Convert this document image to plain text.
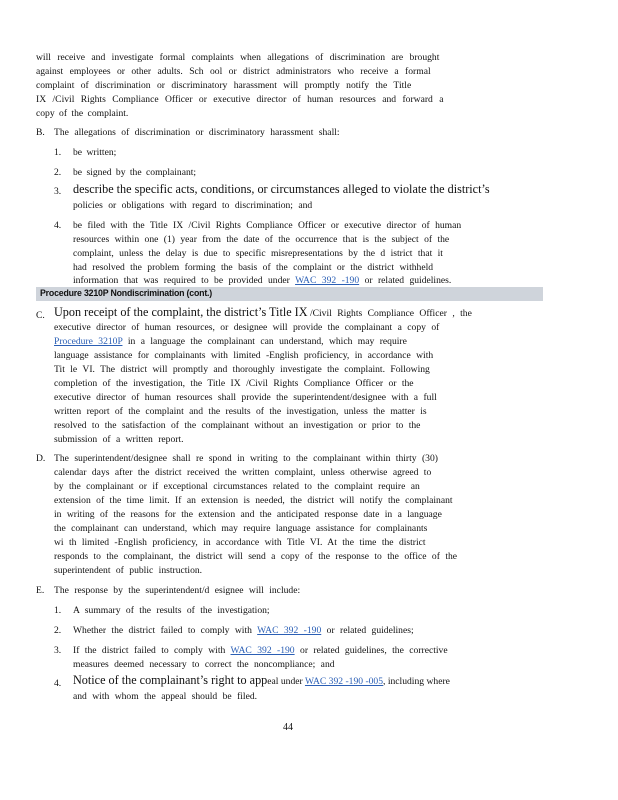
will receive and investigate formal complaints when allegations of discrimination are brought
against employees or other adults. Sch ool or district administrators who receive a formal
complaint of discrimination or discriminatory harassment will promptly notify the Title
IX /Civil Rights Compliance Officer or executive director of human resources and forward a
copy of the complaint.
B. The allegations of discrimination or discriminatory harassment shall:
1. be written;
2. be signed by the complainant;
3. describe the specific acts, conditions, or circumstances alleged to violate the district’s
policies or obligations with regard to discrimination; and
4. be filed with the Title IX /Civil Rights Compliance Officer or executive director of human
resources within one (1) year from the date of the occurrence that is the subject of the
complaint, unless the delay is due to specific misrepresentations by the d istrict that it
had resolved the problem forming the basis of the complaint or the district withheld
information that was required to be provided under WAC 392 -190 or related guidelines.
Procedure 3210P Nondiscrimination (cont.)
C. Upon receipt of the complaint, the district’s Title IX /Civil Rights Compliance Officer , the
executive director of human resources, or designee will provide the complainant a copy of
Procedure 3210P in a language the complainant can understand, which may require
language assistance for complainants with limited -English proficiency, in accordance with
Tit le VI. The district will promptly and thoroughly investigate the complaint. Following
completion of the investigation, the Title IX /Civil Rights Compliance Officer or the
executive director of human resources shall provide the superintendent/designee with a full
written report of the complaint and the results of the investigation, unless the matter is
resolved to the satisfaction of the complainant without an investigation or prior to the
submission of a written report.
D. The superintendent/designee shall re spond in writing to the complainant within thirty (30)
calendar days after the district received the written complaint, unless otherwise agreed to
by the complainant or if exceptional circumstances related to the complaint require an
extension of the time limit. If an extension is needed, the district will notify the complainant
in writing of the reasons for the extension and the anticipated response date in a language
the complainant can understand, which may require language assistance for complainants
wi th limited -English proficiency, in accordance with Title VI. At the time the district
responds to the complainant, the district will send a copy of the response to the office of the
superintendent of public instruction.
E. The response by the superintendent/d esignee will include:
1. A summary of the results of the investigation;
2. Whether the district failed to comply with WAC 392 -190 or related guidelines;
3. If the district failed to comply with WAC 392 -190 or related guidelines, the corrective
measures deemed necessary to correct the noncompliance; and
4. Notice of the complainant’s right to appeal under WAC 392 -190 -005, including where
and with whom the appeal should be filed.
44
